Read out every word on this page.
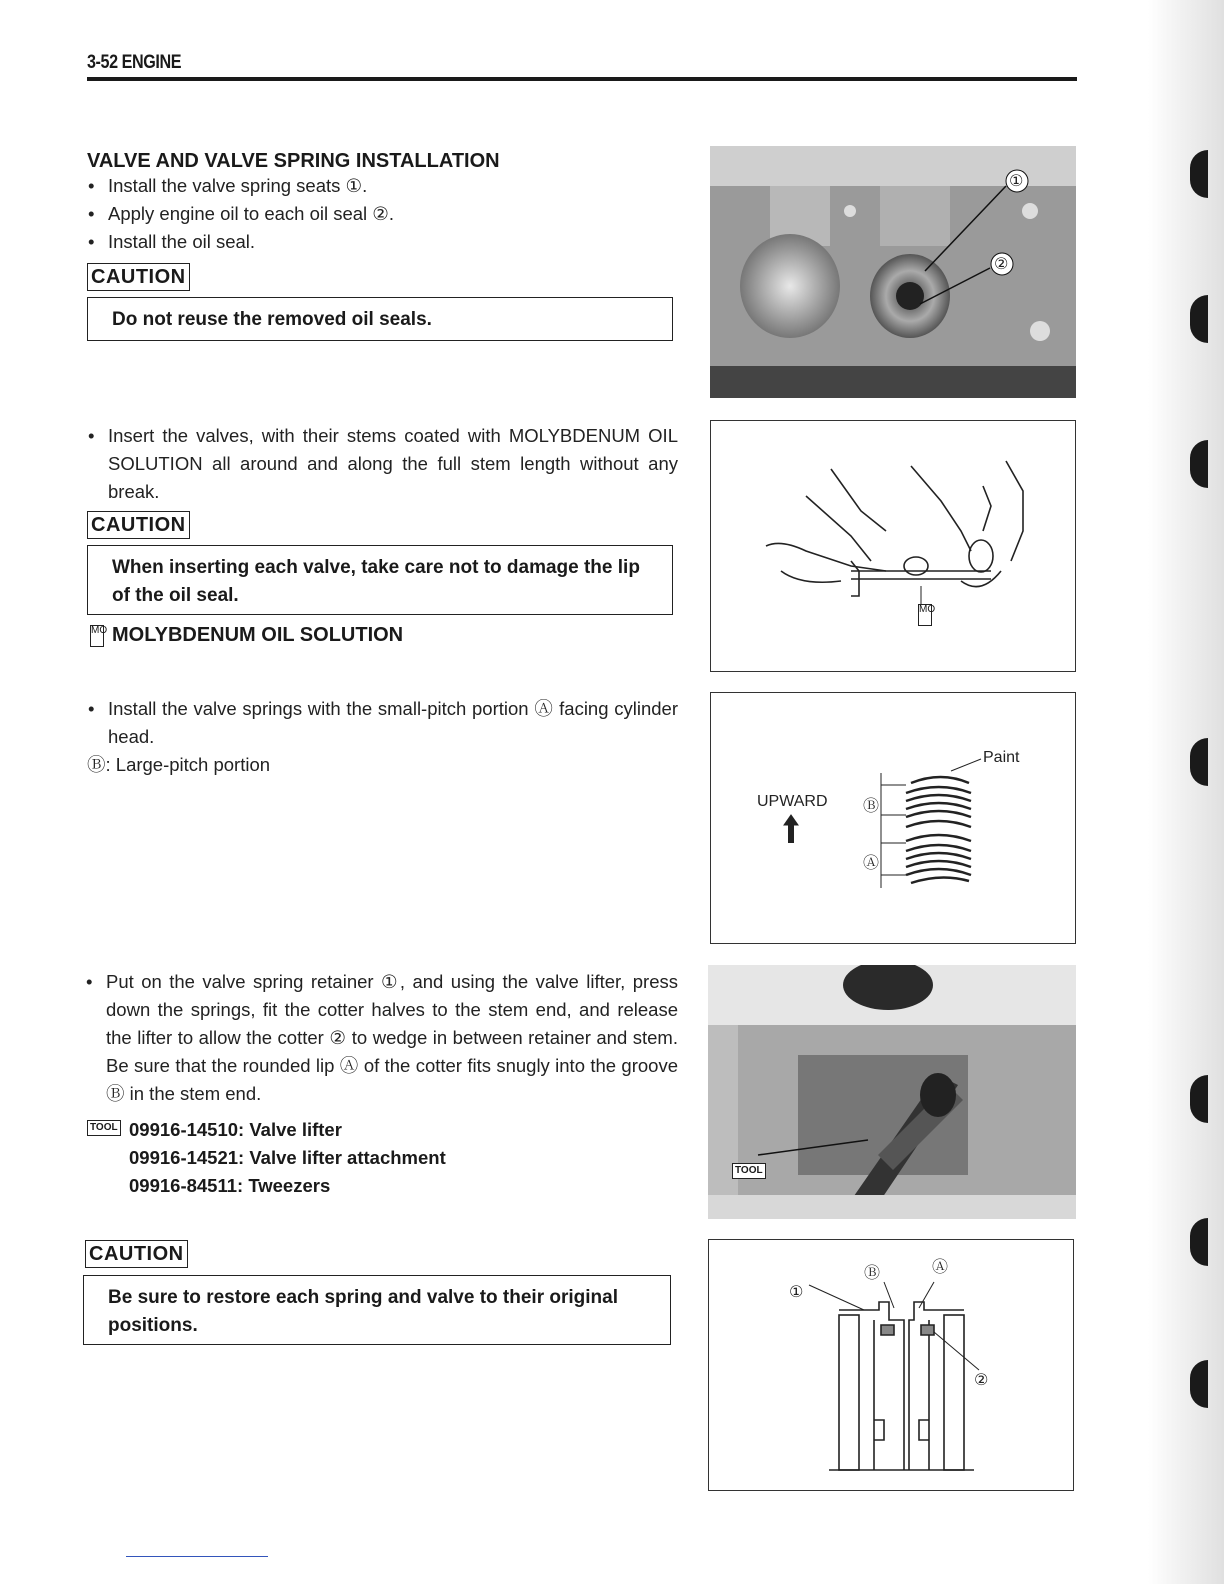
3-52 ENGINE
VALVE AND VALVE SPRING INSTALLATION
• Install the valve spring seats ①.
• Apply engine oil to each oil seal ②.
• Install the oil seal.
CAUTION
Do not reuse the removed oil seals.
• Insert the valves, with their stems coated with MOLYBDENUM OIL SOLUTION all around and along the full stem length without any break.
CAUTION
When inserting each valve, take care not to damage the lip of the oil seal.
MO MOLYBDENUM OIL SOLUTION
• Install the valve springs with the small-pitch portion Ⓐ facing cylinder head.
Ⓑ: Large-pitch portion
• Put on the valve spring retainer ①, and using the valve lifter, press down the springs, fit the cotter halves to the stem end, and release the lifter to allow the cotter ② to wedge in between retainer and stem. Be sure that the rounded lip Ⓐ of the cotter fits snugly into the groove Ⓑ in the stem end.
TOOL 09916-14510: Valve lifter
09916-14521: Valve lifter attachment
09916-84511: Tweezers
CAUTION
Be sure to restore each spring and valve to their original positions.
①
②
MO
Paint
UPWARD Ⓑ
Ⓐ
TOOL
Ⓑ	Ⓐ
①
②
